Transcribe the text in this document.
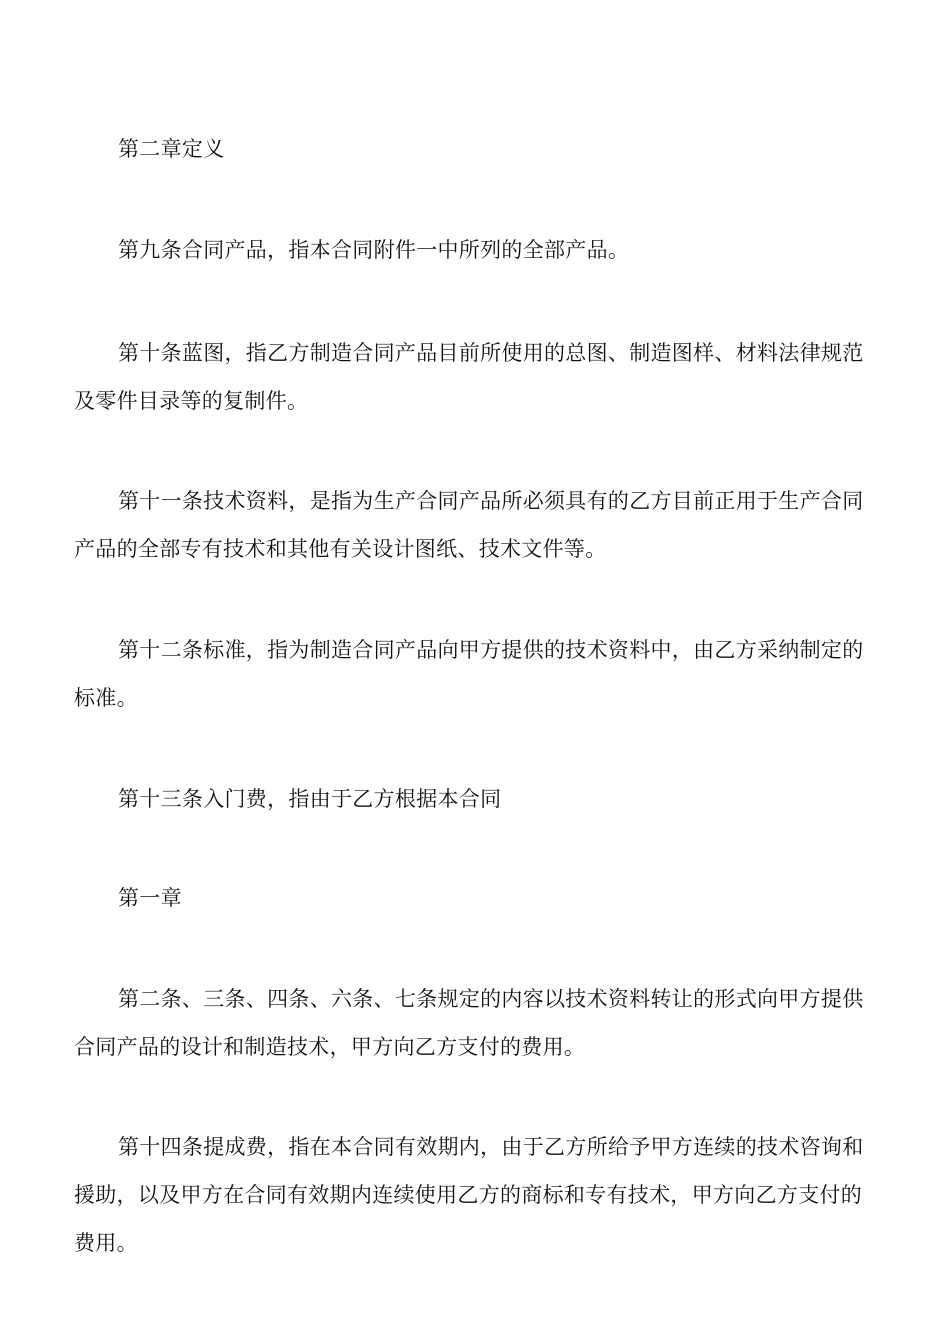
第二章定义

第九条合同产品，指本合同附件一中所列的全部产品。

第十条蓝图，指乙方制造合同产品目前所使用的总图、制造图样、材料法律规范及零件目录等的复制件。

第十一条技术资料，是指为生产合同产品所必须具有的乙方目前正用于生产合同产品的全部专有技术和其他有关设计图纸、技术文件等。

第十二条标准，指为制造合同产品向甲方提供的技术资料中，由乙方采纳制定的标准。

第十三条入门费，指由于乙方根据本合同

第一章

第二条、三条、四条、六条、七条规定的内容以技术资料转让的形式向甲方提供合同产品的设计和制造技术，甲方向乙方支付的费用。

第十四条提成费，指在本合同有效期内，由于乙方所给予甲方连续的技术咨询和援助，以及甲方在合同有效期内连续使用乙方的商标和专有技术，甲方向乙方支付的费用。
